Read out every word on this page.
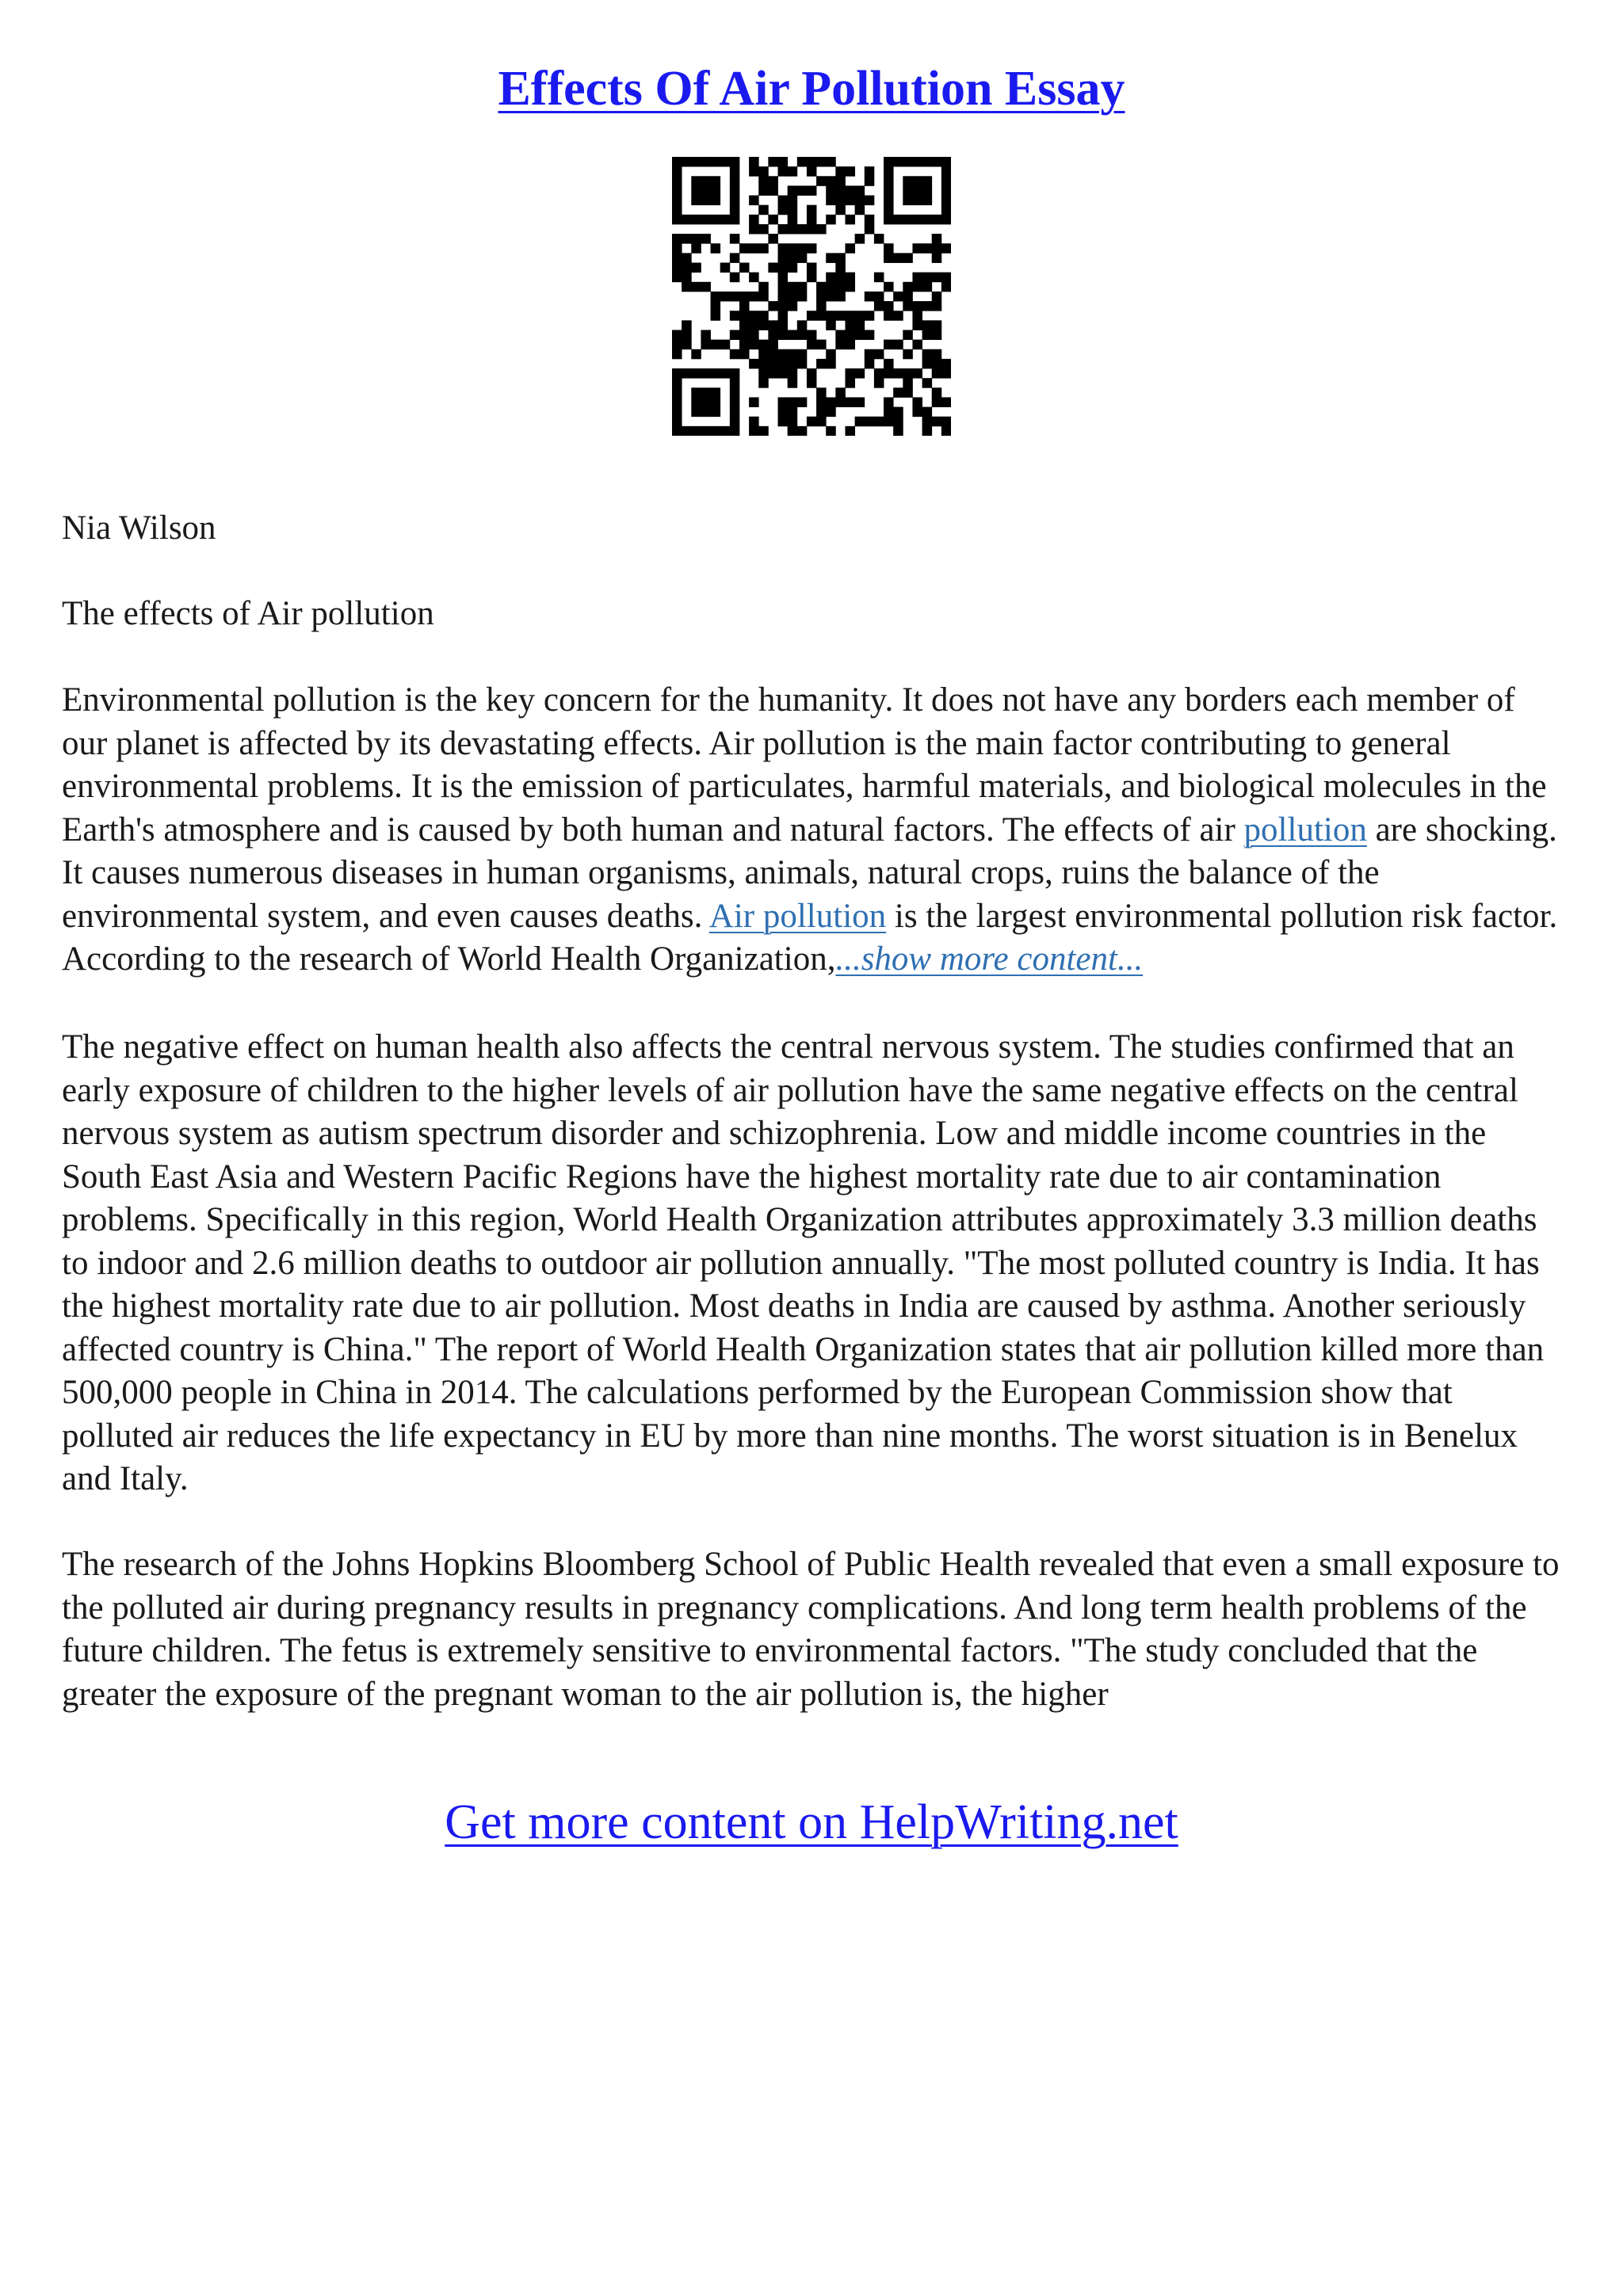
Effects Of Air Pollution Essay

Nia Wilson

The effects of Air pollution

Environmental pollution is the key concern for the humanity. It does not have any borders each member of our planet is affected by its devastating effects. Air pollution is the main factor contributing to general environmental problems. It is the emission of particulates, harmful materials, and biological molecules in the Earth's atmosphere and is caused by both human and natural factors. The effects of air pollution are shocking. It causes numerous diseases in human organisms, animals, natural crops, ruins the balance of the environmental system, and even causes deaths. Air pollution is the largest environmental pollution risk factor. According to the research of World Health Organization,...show more content...

The negative effect on human health also affects the central nervous system. The studies confirmed that an early exposure of children to the higher levels of air pollution have the same negative effects on the central nervous system as autism spectrum disorder and schizophrenia. Low and middle income countries in the South East Asia and Western Pacific Regions have the highest mortality rate due to air contamination problems. Specifically in this region, World Health Organization attributes approximately 3.3 million deaths to indoor and 2.6 million deaths to outdoor air pollution annually. "The most polluted country is India. It has the highest mortality rate due to air pollution. Most deaths in India are caused by asthma. Another seriously affected country is China." The report of World Health Organization states that air pollution killed more than 500,000 people in China in 2014. The calculations performed by the European Commission show that polluted air reduces the life expectancy in EU by more than nine months. The worst situation is in Benelux and Italy.

The research of the Johns Hopkins Bloomberg School of Public Health revealed that even a small exposure to the polluted air during pregnancy results in pregnancy complications. And long term health problems of the future children. The fetus is extremely sensitive to environmental factors. "The study concluded that the greater the exposure of the pregnant woman to the air pollution is, the higher

Get more content on HelpWriting.net
